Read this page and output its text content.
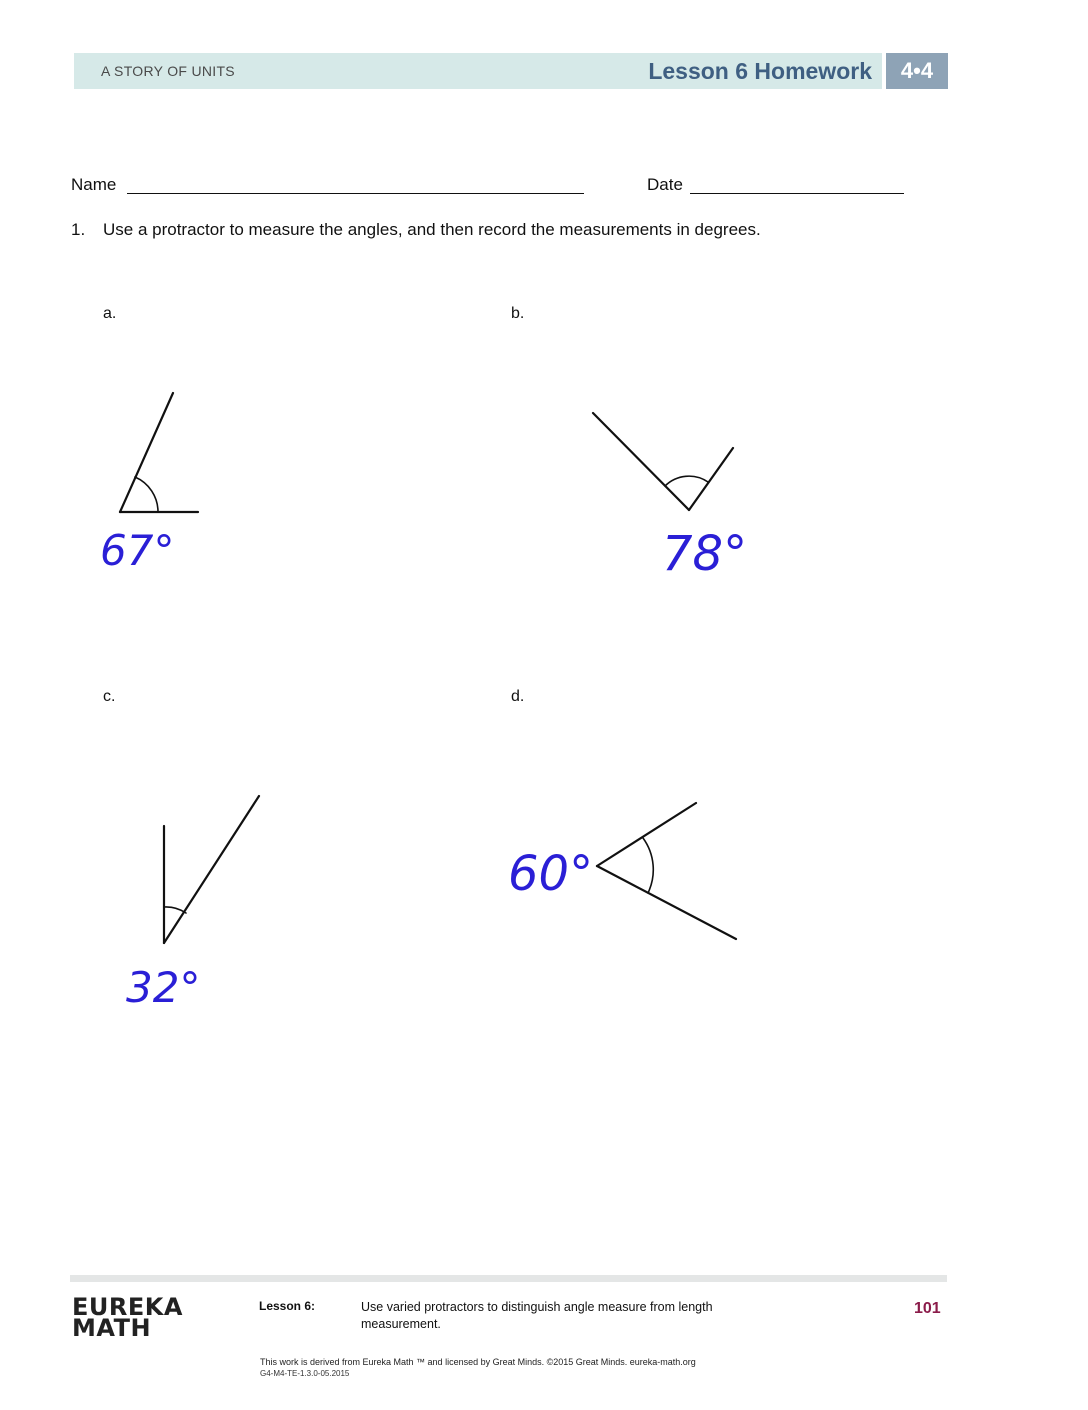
A STORY OF UNITS	Lesson 6 Homework	4•4
Name	Date
1. Use a protractor to measure the angles, and then record the measurements in degrees.
a.	b.
c.	d.
67°	78°
32°
60°
EUREKA
MATH
Lesson 6:	Use varied protractors to distinguish angle measure from length measurement.
101
This work is derived from Eureka Math ™ and licensed by Great Minds. ©2015 Great Minds. eureka-math.org
G4-M4-TE-1.3.0-05.2015
